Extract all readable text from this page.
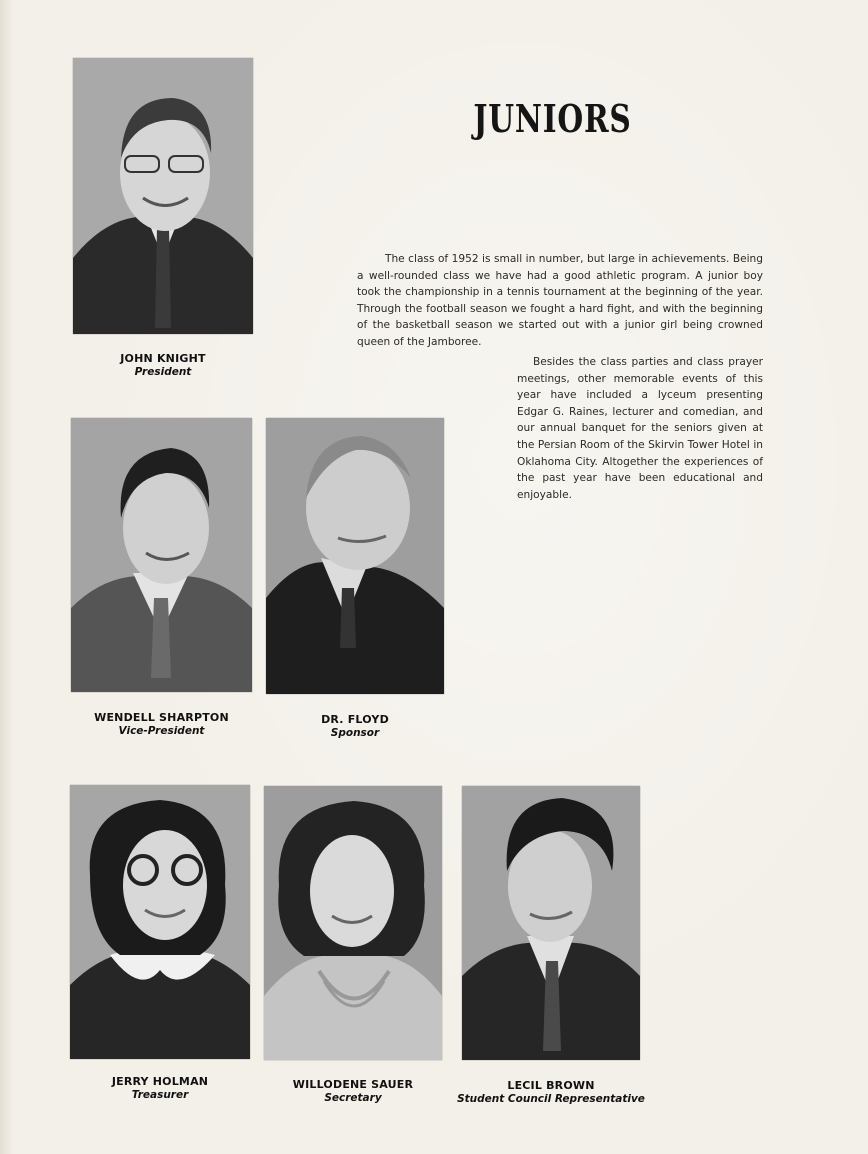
JUNIORS
JOHN KNIGHT
President
WENDELL SHARPTON
Vice-President
DR. FLOYD
Sponsor
JERRY HOLMAN
Treasurer
WILLODENE SAUER
Secretary
LECIL BROWN
Student Council Representative

The class of 1952 is small in number, but large in achievements. Being a well-rounded class we have had a good athletic program. A junior boy took the championship in a tennis tournament at the beginning of the year. Through the football season we fought a hard fight, and with the beginning of the basketball season we started out with a junior girl being crowned queen of the Jamboree.

Besides the class parties and class prayer meetings, other memorable events of this year have included a lyceum presenting Edgar G. Raines, lecturer and comedian, and our annual banquet for the seniors given at the Persian Room of the Skirvin Tower Hotel in Oklahoma City. Altogether the experiences of the past year have been educational and enjoyable.
